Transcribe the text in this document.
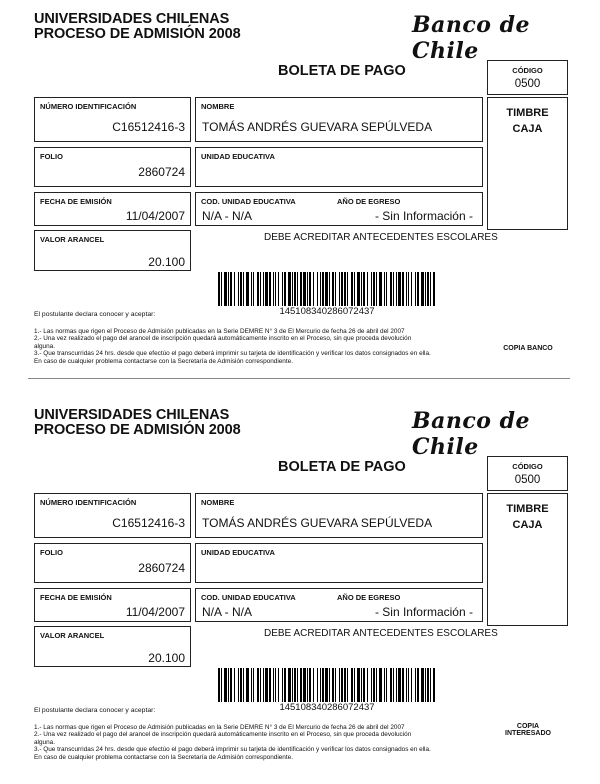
UNIVERSIDADES CHILENAS
PROCESO DE ADMISIÓN 2008	Banco de Chile
BOLETA DE PAGO	CÓDIGO
0500
TIMBRE
CAJA
NÚMERO IDENTIFICACIÓN
C16512416-3
NOMBRE
TOMÁS ANDRÉS GUEVARA SEPÚLVEDA
FOLIO
2860724
UNIDAD EDUCATIVA
FECHA DE EMISIÓN
11/04/2007
COD. UNIDAD EDUCATIVA	AÑO DE EGRESO
N/A - N/A	- Sin Información -
VALOR ARANCEL
20.100
DEBE ACREDITAR ANTECEDENTES ESCOLARES
145108340286072437
El postulante declara conocer y aceptar:
1.- Las normas que rigen el Proceso de Admisión publicadas en la Serie DEMRE N° 3 de El Mercurio de fecha 26 de abril del 2007
2.- Una vez realizado el pago del arancel de inscripción quedará automáticamente inscrito en el Proceso, sin que proceda devolución
alguna.
3.- Que transcurridas 24 hrs. desde que efectúo el pago deberá imprimir su tarjeta de identificación y verificar los datos consignados en ella.
En caso de cualquier problema contactarse con la Secretaría de Admisión correspondiente.
COPIA BANCO
UNIVERSIDADES CHILENAS
PROCESO DE ADMISIÓN 2008	Banco de Chile
BOLETA DE PAGO	CÓDIGO
0500
TIMBRE
CAJA
NÚMERO IDENTIFICACIÓN
C16512416-3
NOMBRE
TOMÁS ANDRÉS GUEVARA SEPÚLVEDA
FOLIO
2860724
UNIDAD EDUCATIVA
FECHA DE EMISIÓN
11/04/2007
COD. UNIDAD EDUCATIVA	AÑO DE EGRESO
N/A - N/A	- Sin Información -
VALOR ARANCEL
20.100
DEBE ACREDITAR ANTECEDENTES ESCOLARES
145108340286072437
El postulante declara conocer y aceptar:
1.- Las normas que rigen el Proceso de Admisión publicadas en la Serie DEMRE N° 3 de El Mercurio de fecha 26 de abril del 2007
2.- Una vez realizado el pago del arancel de inscripción quedará automáticamente inscrito en el Proceso, sin que proceda devolución
alguna.
3.- Que transcurridas 24 hrs. desde que efectúo el pago deberá imprimir su tarjeta de identificación y verificar los datos consignados en ella.
En caso de cualquier problema contactarse con la Secretaría de Admisión correspondiente.
COPIA
INTERESADO
